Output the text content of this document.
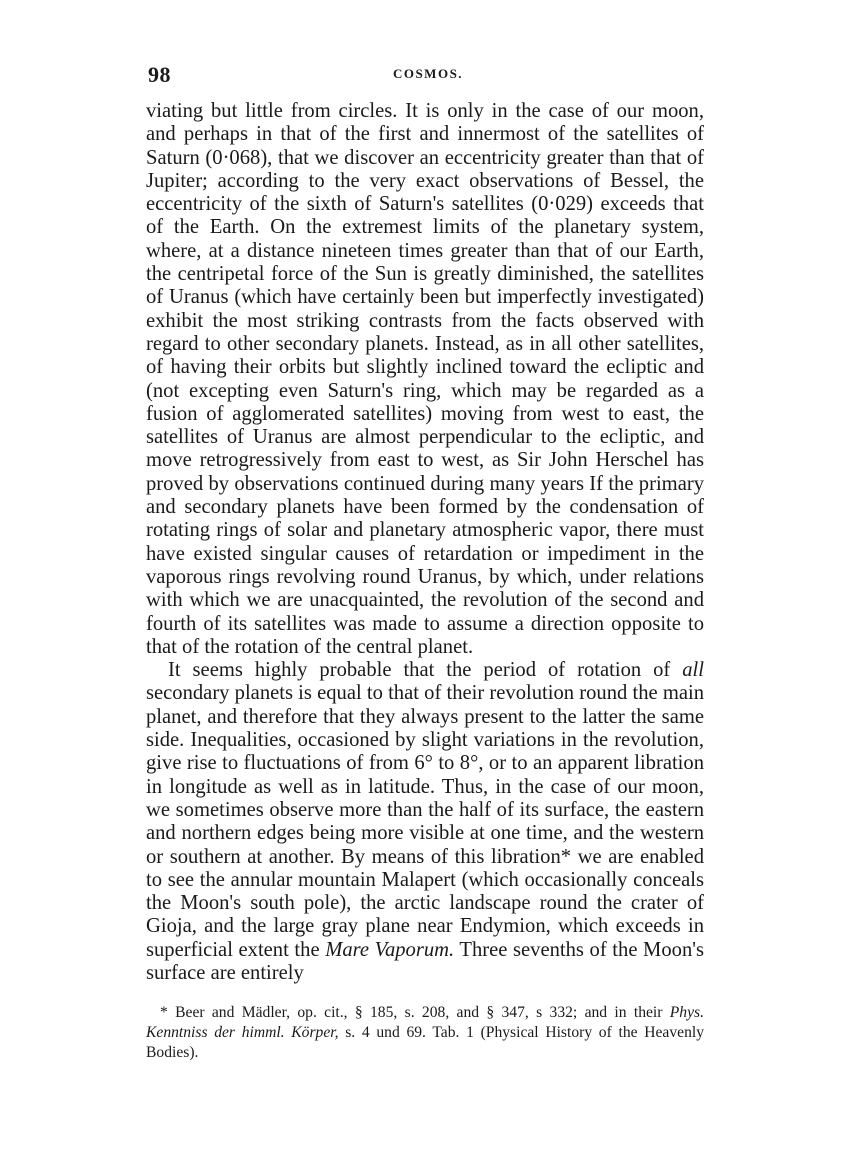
98	COSMOS.

viating but little from circles. It is only in the case of our moon, and perhaps in that of the first and innermost of the satellites of Saturn (0·068), that we discover an eccentricity greater than that of Jupiter; according to the very exact observations of Bessel, the eccentricity of the sixth of Saturn's satellites (0·029) exceeds that of the Earth. On the extremest limits of the planetary system, where, at a distance nineteen times greater than that of our Earth, the centripetal force of the Sun is greatly diminished, the satellites of Uranus (which have certainly been but imperfectly investigated) exhibit the most striking contrasts from the facts observed with regard to other secondary planets. Instead, as in all other satellites, of having their orbits but slightly inclined toward the ecliptic and (not excepting even Saturn's ring, which may be regarded as a fusion of agglomerated satellites) moving from west to east, the satellites of Uranus are almost perpendicular to the ecliptic, and move retrogressively from east to west, as Sir John Herschel has proved by observations continued during many years If the primary and secondary planets have been formed by the condensation of rotating rings of solar and planetary atmospheric vapor, there must have existed singular causes of retardation or impediment in the vaporous rings revolving round Uranus, by which, under relations with which we are unacquainted, the revolution of the second and fourth of its satellites was made to assume a direction opposite to that of the rotation of the central planet.

It seems highly probable that the period of rotation of all secondary planets is equal to that of their revolution round the main planet, and therefore that they always present to the latter the same side. Inequalities, occasioned by slight variations in the revolution, give rise to fluctuations of from 6° to 8°, or to an apparent libration in longitude as well as in latitude. Thus, in the case of our moon, we sometimes observe more than the half of its surface, the eastern and northern edges being more visible at one time, and the western or southern at another. By means of this libration* we are enabled to see the annular mountain Malapert (which occasionally conceals the Moon's south pole), the arctic landscape round the crater of Gioja, and the large gray plane near Endymion, which exceeds in superficial extent the Mare Vaporum. Three sevenths of the Moon's surface are entirely

* Beer and Mädler, op. cit., § 185, s. 208, and § 347, s 332; and in their Phys. Kenntniss der himml. Körper, s. 4 und 69. Tab. 1 (Physical History of the Heavenly Bodies).
